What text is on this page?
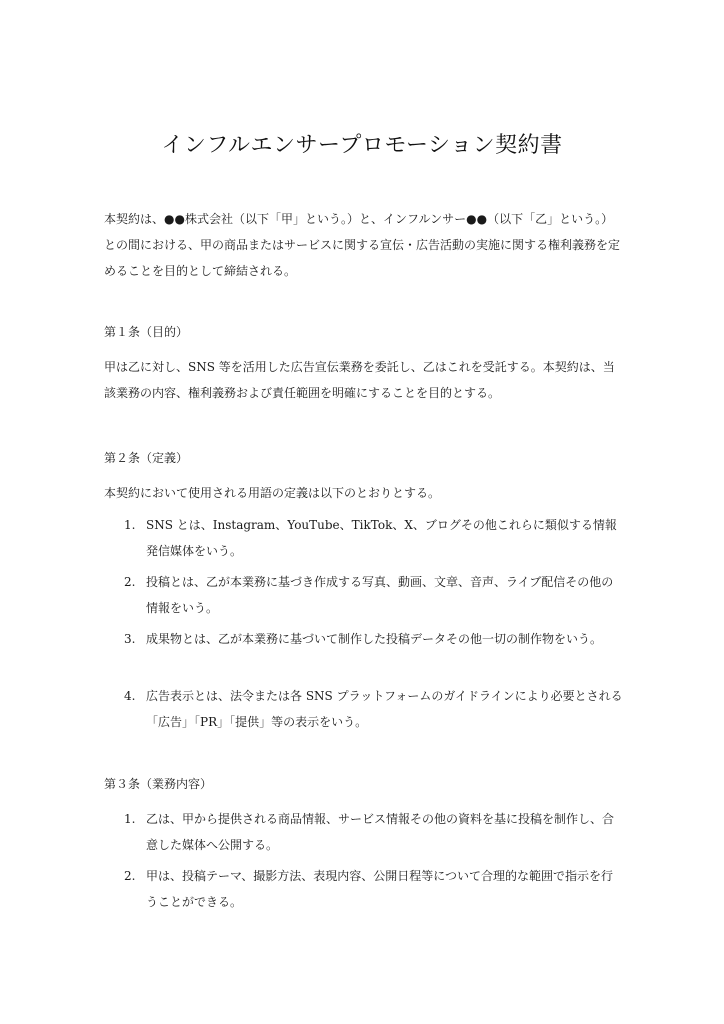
インフルエンサープロモーション契約書
本契約は、●●株式会社（以下「甲」という。）と、インフルンサー●●（以下「乙」という。）との間における、甲の商品またはサービスに関する宣伝・広告活動の実施に関する権利義務を定めることを目的として締結される。
第１条（目的）
甲は乙に対し、SNS 等を活用した広告宣伝業務を委託し、乙はこれを受託する。本契約は、当該業務の内容、権利義務および責任範囲を明確にすることを目的とする。
第２条（定義）
本契約において使用される用語の定義は以下のとおりとする。
1. SNS とは、Instagram、YouTube、TikTok、X、ブログその他これらに類似する情報発信媒体をいう。
2. 投稿とは、乙が本業務に基づき作成する写真、動画、文章、音声、ライブ配信その他の情報をいう。
3. 成果物とは、乙が本業務に基づいて制作した投稿データその他一切の制作物をいう。
4. 広告表示とは、法令または各 SNS プラットフォームのガイドラインにより必要とされる「広告」「PR」「提供」等の表示をいう。
第３条（業務内容）
1. 乙は、甲から提供される商品情報、サービス情報その他の資料を基に投稿を制作し、合意した媒体へ公開する。
2. 甲は、投稿テーマ、撮影方法、表現内容、公開日程等について合理的な範囲で指示を行うことができる。
